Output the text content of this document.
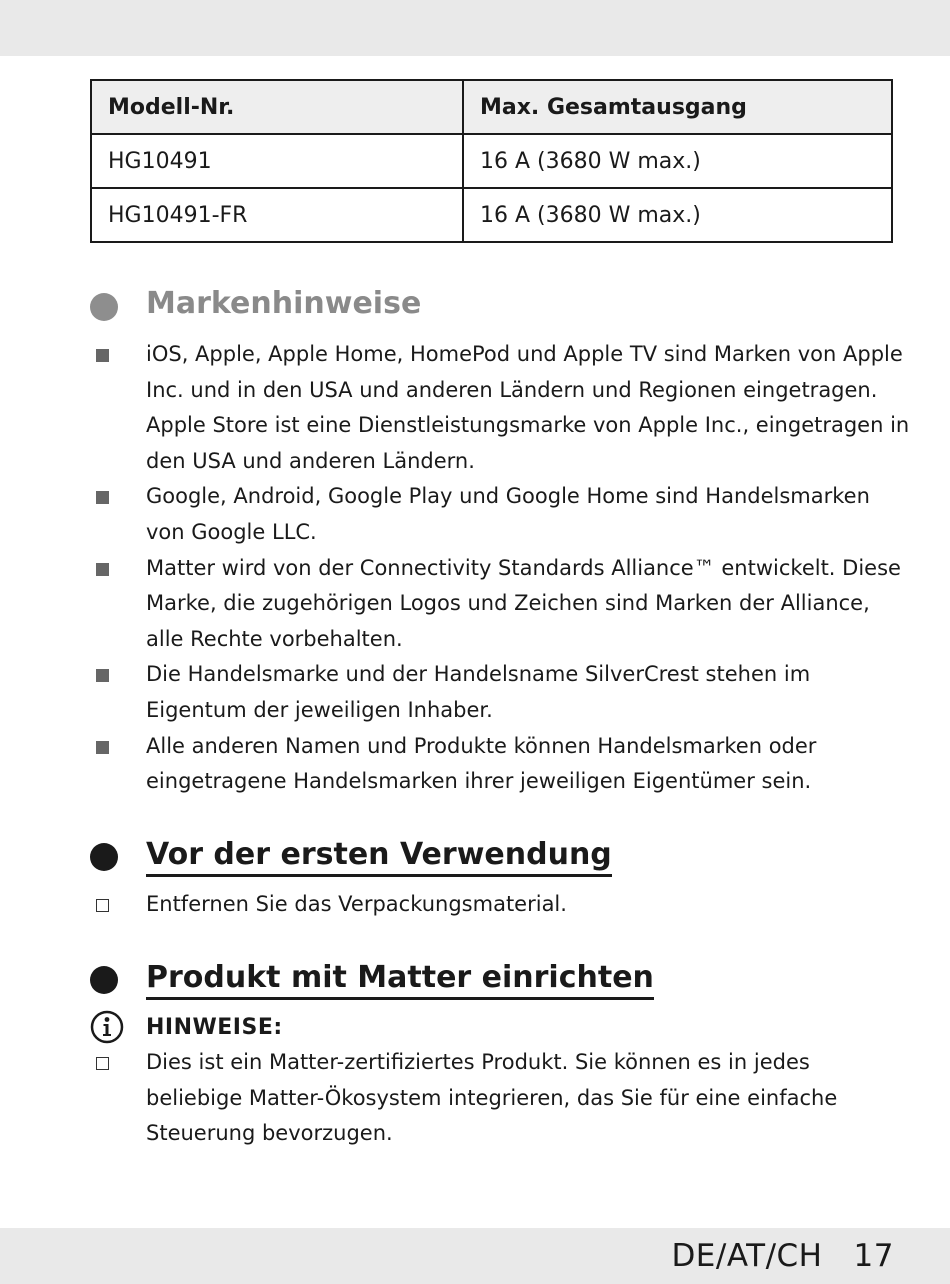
Modell-Nr.	Max. Gesamtausgang
HG10491	16 A (3680 W max.)
HG10491-FR	16 A (3680 W max.)
Markenhinweise
iOS, Apple, Apple Home, HomePod und Apple TV sind Marken von Apple Inc. und in den USA und anderen Ländern und Regionen eingetragen. Apple Store ist eine Dienstleistungsmarke von Apple Inc., eingetragen in den USA und anderen Ländern.
Google, Android, Google Play und Google Home sind Handelsmarken von Google LLC.
Matter wird von der Connectivity Standards Alliance™ entwickelt. Diese Marke, die zugehörigen Logos und Zeichen sind Marken der Alliance, alle Rechte vorbehalten.
Die Handelsmarke und der Handelsname SilverCrest stehen im Eigentum der jeweiligen Inhaber.
Alle anderen Namen und Produkte können Handelsmarken oder eingetragene Handelsmarken ihrer jeweiligen Eigentümer sein.
Vor der ersten Verwendung
Entfernen Sie das Verpackungsmaterial.
Produkt mit Matter einrichten
HINWEISE:
Dies ist ein Matter-zertifiziertes Produkt. Sie können es in jedes beliebige Matter-Ökosystem integrieren, das Sie für eine einfache Steuerung bevorzugen.
DE/AT/CH 17
